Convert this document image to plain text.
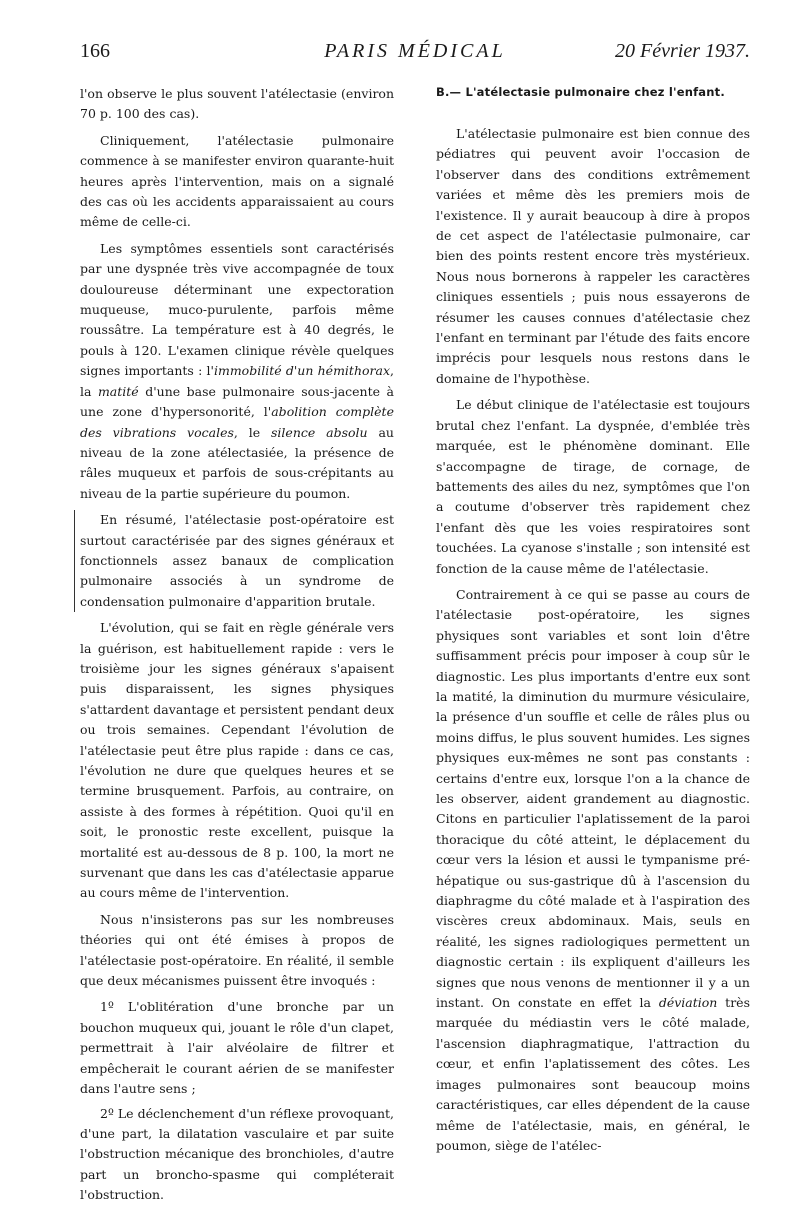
166	PARIS MÉDICAL	20 Février 1937.

l'on observe le plus souvent l'atélectasie (environ 70 p. 100 des cas).

Cliniquement, l'atélectasie pulmonaire commence à se manifester environ quarante-huit heures après l'intervention, mais on a signalé des cas où les accidents apparaissaient au cours même de celle-ci.

Les symptômes essentiels sont caractérisés par une dyspnée très vive accompagnée de toux douloureuse déterminant une expectoration muqueuse, muco-purulente, parfois même roussâtre. La température est à 40 degrés, le pouls à 120. L'examen clinique révèle quelques signes importants : l'immobilité d'un hémithorax, la matité d'une base pulmonaire sous-jacente à une zone d'hypersonorité, l'abolition complète des vibrations vocales, le silence absolu au niveau de la zone atélectasiée, la présence de râles muqueux et parfois de sous-crépitants au niveau de la partie supérieure du poumon.

En résumé, l'atélectasie post-opératoire est surtout caractérisée par des signes généraux et fonctionnels assez banaux de complication pulmonaire associés à un syndrome de condensation pulmonaire d'apparition brutale.

L'évolution, qui se fait en règle générale vers la guérison, est habituellement rapide : vers le troisième jour les signes généraux s'apaisent puis disparaissent, les signes physiques s'attardent davantage et persistent pendant deux ou trois semaines. Cependant l'évolution de l'atélectasie peut être plus rapide : dans ce cas, l'évolution ne dure que quelques heures et se termine brusquement. Parfois, au contraire, on assiste à des formes à répétition. Quoi qu'il en soit, le pronostic reste excellent, puisque la mortalité est au-dessous de 8 p. 100, la mort ne survenant que dans les cas d'atélectasie apparue au cours même de l'intervention.

Nous n'insisterons pas sur les nombreuses théories qui ont été émises à propos de l'atélectasie post-opératoire. En réalité, il semble que deux mécanismes puissent être invoqués :

1º L'oblitération d'une bronche par un bouchon muqueux qui, jouant le rôle d'un clapet, permettrait à l'air alvéolaire de filtrer et empêcherait le courant aérien de se manifester dans l'autre sens ;

2º Le déclenchement d'un réflexe provoquant, d'une part, la dilatation vasculaire et par suite l'obstruction mécanique des bronchioles, d'autre part un broncho-spasme qui compléterait l'obstruction.

B.— L'atélectasie pulmonaire chez l'enfant.

L'atélectasie pulmonaire est bien connue des pédiatres qui peuvent avoir l'occasion de l'observer dans des conditions extrêmement variées et même dès les premiers mois de l'existence. Il y aurait beaucoup à dire à propos de cet aspect de l'atélectasie pulmonaire, car bien des points restent encore très mystérieux. Nous nous bornerons à rappeler les caractères cliniques essentiels ; puis nous essayerons de résumer les causes connues d'atélectasie chez l'enfant en terminant par l'étude des faits encore imprécis pour lesquels nous restons dans le domaine de l'hypothèse.

Le début clinique de l'atélectasie est toujours brutal chez l'enfant. La dyspnée, d'emblée très marquée, est le phénomène dominant. Elle s'accompagne de tirage, de cornage, de battements des ailes du nez, symptômes que l'on a coutume d'observer très rapidement chez l'enfant dès que les voies respiratoires sont touchées. La cyanose s'installe ; son intensité est fonction de la cause même de l'atélectasie.

Contrairement à ce qui se passe au cours de l'atélectasie post-opératoire, les signes physiques sont variables et sont loin d'être suffisamment précis pour imposer à coup sûr le diagnostic. Les plus importants d'entre eux sont la matité, la diminution du murmure vésiculaire, la présence d'un souffle et celle de râles plus ou moins diffus, le plus souvent humides. Les signes physiques eux-mêmes ne sont pas constants : certains d'entre eux, lorsque l'on a la chance de les observer, aident grandement au diagnostic. Citons en particulier l'aplatissement de la paroi thoracique du côté atteint, le déplacement du cœur vers la lésion et aussi le tympanisme pré-hépatique ou sus-gastrique dû à l'ascension du diaphragme du côté malade et à l'aspiration des viscères creux abdominaux. Mais, seuls en réalité, les signes radiologiques permettent un diagnostic certain : ils expliquent d'ailleurs les signes que nous venons de mentionner il y a un instant. On constate en effet la déviation très marquée du médiastin vers le côté malade, l'ascension diaphragmatique, l'attraction du cœur, et enfin l'aplatissement des côtes. Les images pulmonaires sont beaucoup moins caractéristiques, car elles dépendent de la cause même de l'atélectasie, mais, en général, le poumon, siège de l'atélec-
